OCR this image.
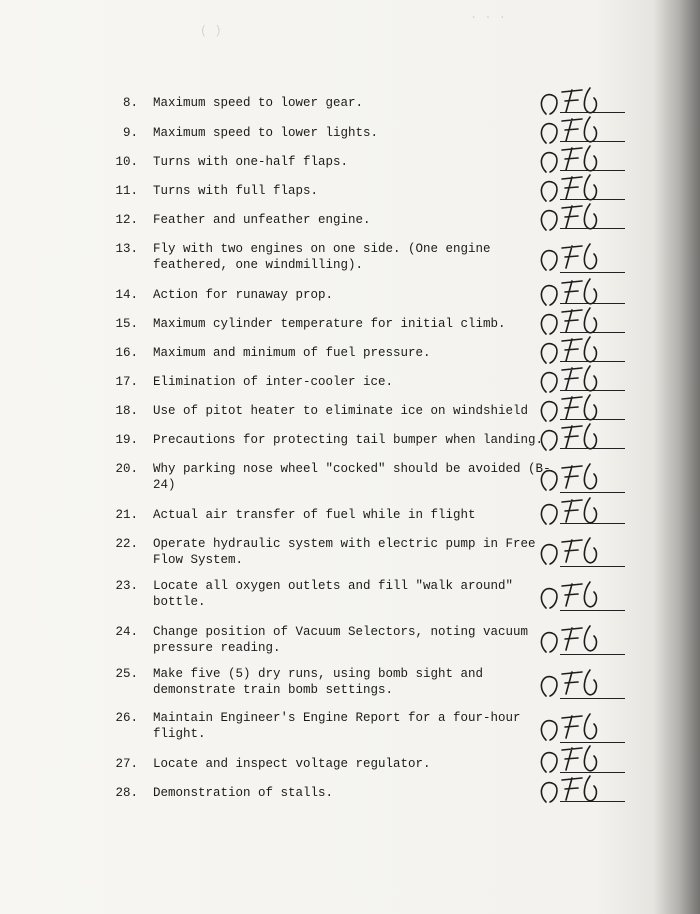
. . .
( )
8. Maximum speed to lower gear.
9. Maximum speed to lower lights.
10. Turns with one-half flaps.
11. Turns with full flaps.
12. Feather and unfeather engine.
13. Fly with two engines on one side. (One engine feathered, one windmilling).
14. Action for runaway prop.
15. Maximum cylinder temperature for initial climb.
16. Maximum and minimum of fuel pressure.
17. Elimination of inter-cooler ice.
18. Use of pitot heater to eliminate ice on windshield
19. Precautions for protecting tail bumper when landing.
20. Why parking nose wheel "cocked" should be avoided (B-24)
21. Actual air transfer of fuel while in flight
22. Operate hydraulic system with electric pump in Free Flow System.
23. Locate all oxygen outlets and fill "walk around" bottle.
24. Change position of Vacuum Selectors, noting vacuum pressure reading.
25. Make five (5) dry runs, using bomb sight and demonstrate train bomb settings.
26. Maintain Engineer's Engine Report for a four-hour flight.
27. Locate and inspect voltage regulator.
28. Demonstration of stalls.
